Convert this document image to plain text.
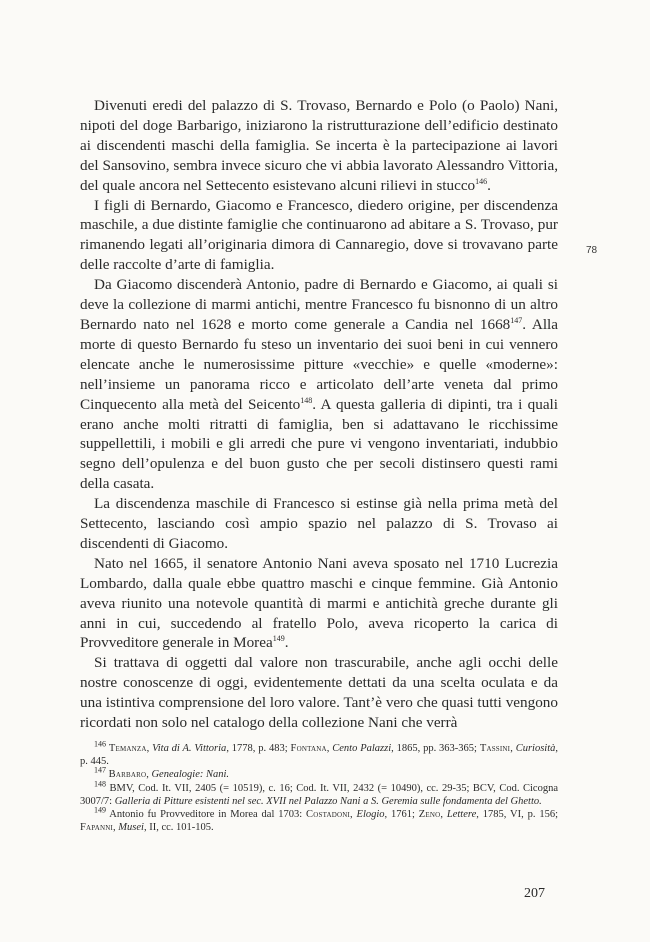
Divenuti eredi del palazzo di S. Trovaso, Bernardo e Polo (o Paolo) Nani, nipoti del doge Barbarigo, iniziarono la ristrutturazione dell’edificio destinato ai discendenti maschi della famiglia. Se incerta è la partecipazione ai lavori del Sansovino, sembra invece sicuro che vi abbia lavorato Alessandro Vittoria, del quale ancora nel Settecento esistevano alcuni rilievi in stucco$^{146}$.

I figli di Bernardo, Giacomo e Francesco, diedero origine, per discendenza maschile, a due distinte famiglie che continuarono ad abitare a S. Trovaso, pur rimanendo legati all’originaria dimora di Cannaregio, dove si trovavano parte delle raccolte d’arte di famiglia.

Da Giacomo discenderà Antonio, padre di Bernardo e Giacomo, ai quali si deve la collezione di marmi antichi, mentre Francesco fu bisnonno di un altro Bernardo nato nel 1628 e morto come generale a Candia nel 1668$^{147}$. Alla morte di questo Bernardo fu steso un inventario dei suoi beni in cui vennero elencate anche le numerosissime pitture «vecchie» e quelle «moderne»: nell’insieme un panorama ricco e articolato dell’arte veneta dal primo Cinquecento alla metà del Seicento$^{148}$. A questa galleria di dipinti, tra i quali erano anche molti ritratti di famiglia, ben si adattavano le ricchissime suppellettili, i mobili e gli arredi che pure vi vengono inventariati, indubbio segno dell’opulenza e del buon gusto che per secoli distinsero questi rami della casata.

La discendenza maschile di Francesco si estinse già nella prima metà del Settecento, lasciando così ampio spazio nel palazzo di S. Trovaso ai discendenti di Giacomo.

Nato nel 1665, il senatore Antonio Nani aveva sposato nel 1710 Lucrezia Lombardo, dalla quale ebbe quattro maschi e cinque femmine. Già Antonio aveva riunito una notevole quantità di marmi e antichità greche durante gli anni in cui, succedendo al fratello Polo, aveva ricoperto la carica di Provveditore generale in Morea$^{149}$.

Si trattava di oggetti dal valore non trascurabile, anche agli occhi delle nostre conoscenze di oggi, evidentemente dettati da una scelta oculata e da una istintiva comprensione del loro valore. Tant’è vero che quasi tutti vengono ricordati non solo nel catalogo della collezione Nani che verrà

78

$^{146}$ Temanza, Vita di A. Vittoria, 1778, p. 483; Fontana, Cento Palazzi, 1865, pp. 363-365; Tassini, Curiosità, p. 445.

$^{147}$ Barbaro, Genealogie: Nani.

$^{148}$ BMV, Cod. It. VII, 2405 (= 10519), c. 16; Cod. It. VII, 2432 (= 10490), cc. 29-35; BCV, Cod. Cicogna 3007/7: Galleria di Pitture esistenti nel sec. XVII nel Palazzo Nani a S. Geremia sulle fondamenta del Ghetto.

$^{149}$ Antonio fu Provveditore in Morea dal 1703: Costadoni, Elogio, 1761; Zeno, Lettere, 1785, VI, p. 156; Fapanni, Musei, II, cc. 101-105.

207
